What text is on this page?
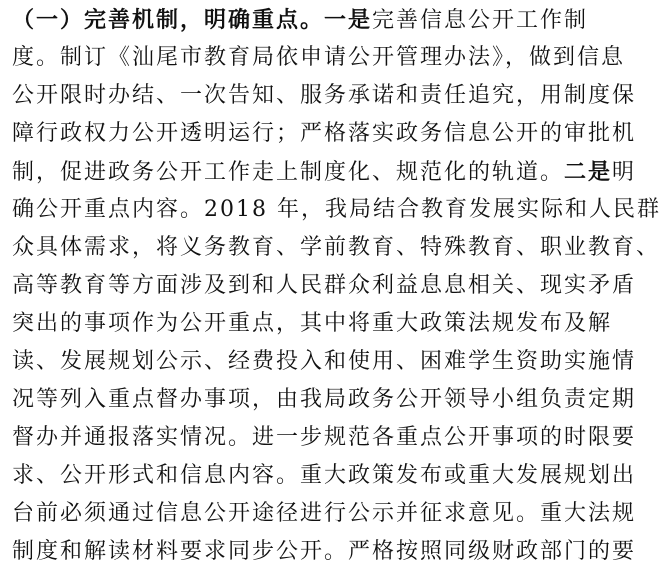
（一）完善机制，明确重点。一是完善信息公开工作制
度。制订《汕尾市教育局依申请公开管理办法》，做到信息
公开限时办结、一次告知、服务承诺和责任追究，用制度保
障行政权力公开透明运行；严格落实政务信息公开的审批机
制，促进政务公开工作走上制度化、规范化的轨道。二是明
确公开重点内容。2018 年，我局结合教育发展实际和人民群
众具体需求，将义务教育、学前教育、特殊教育、职业教育、
高等教育等方面涉及到和人民群众利益息息相关、现实矛盾
突出的事项作为公开重点，其中将重大政策法规发布及解
读、发展规划公示、经费投入和使用、困难学生资助实施情
况等列入重点督办事项，由我局政务公开领导小组负责定期
督办并通报落实情况。进一步规范各重点公开事项的时限要
求、公开形式和信息内容。重大政策发布或重大发展规划出
台前必须通过信息公开途径进行公示并征求意见。重大法规
制度和解读材料要求同步公开。严格按照同级财政部门的要
